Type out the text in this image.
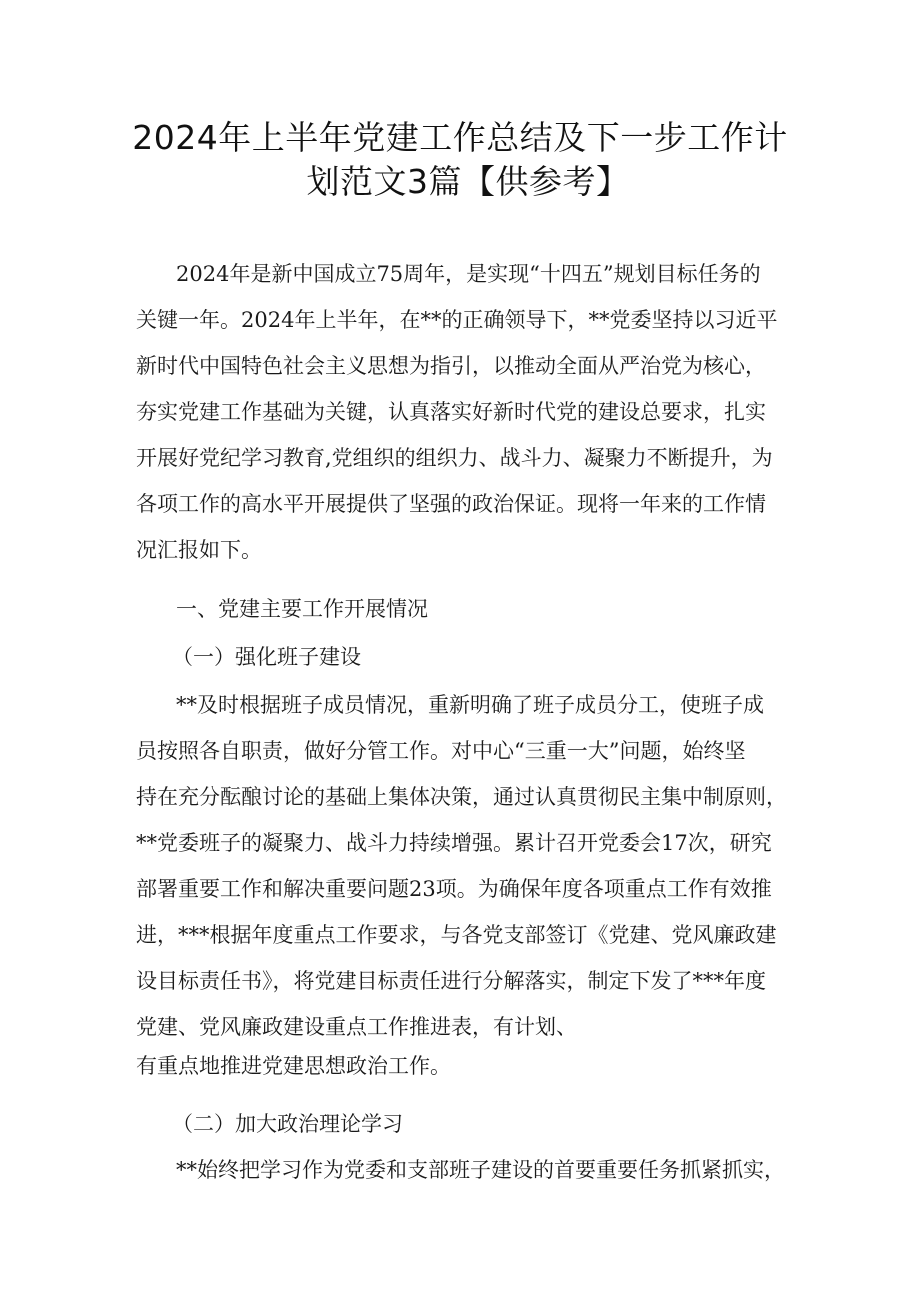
2024年上半年党建工作总结及下一步工作计
划范文3篇【供参考】
2024年是新中国成立75周年，是实现“十四五”规划目标任务的
关键一年。2024年上半年，在**的正确领导下，**党委坚持以习近平
新时代中国特色社会主义思想为指引，以推动全面从严治党为核心，
夯实党建工作基础为关键，认真落实好新时代党的建设总要求，扎实
开展好党纪学习教育,党组织的组织力、战斗力、凝聚力不断提升，为
各项工作的高水平开展提供了坚强的政治保证。现将一年来的工作情
况汇报如下。
一、党建主要工作开展情况
（一）强化班子建设
**及时根据班子成员情况，重新明确了班子成员分工，使班子成
员按照各自职责，做好分管工作。对中心“三重一大”问题，始终坚
持在充分酝酿讨论的基础上集体决策，通过认真贯彻民主集中制原则，
**党委班子的凝聚力、战斗力持续增强。累计召开党委会17次，研究
部署重要工作和解决重要问题23项。为确保年度各项重点工作有效推
进，***根据年度重点工作要求，与各党支部签订《党建、党风廉政建
设目标责任书》，将党建目标责任进行分解落实，制定下发了***年度
党建、党风廉政建设重点工作推进表，有计划、
有重点地推进党建思想政治工作。
（二）加大政治理论学习
**始终把学习作为党委和支部班子建设的首要重要任务抓紧抓实，
